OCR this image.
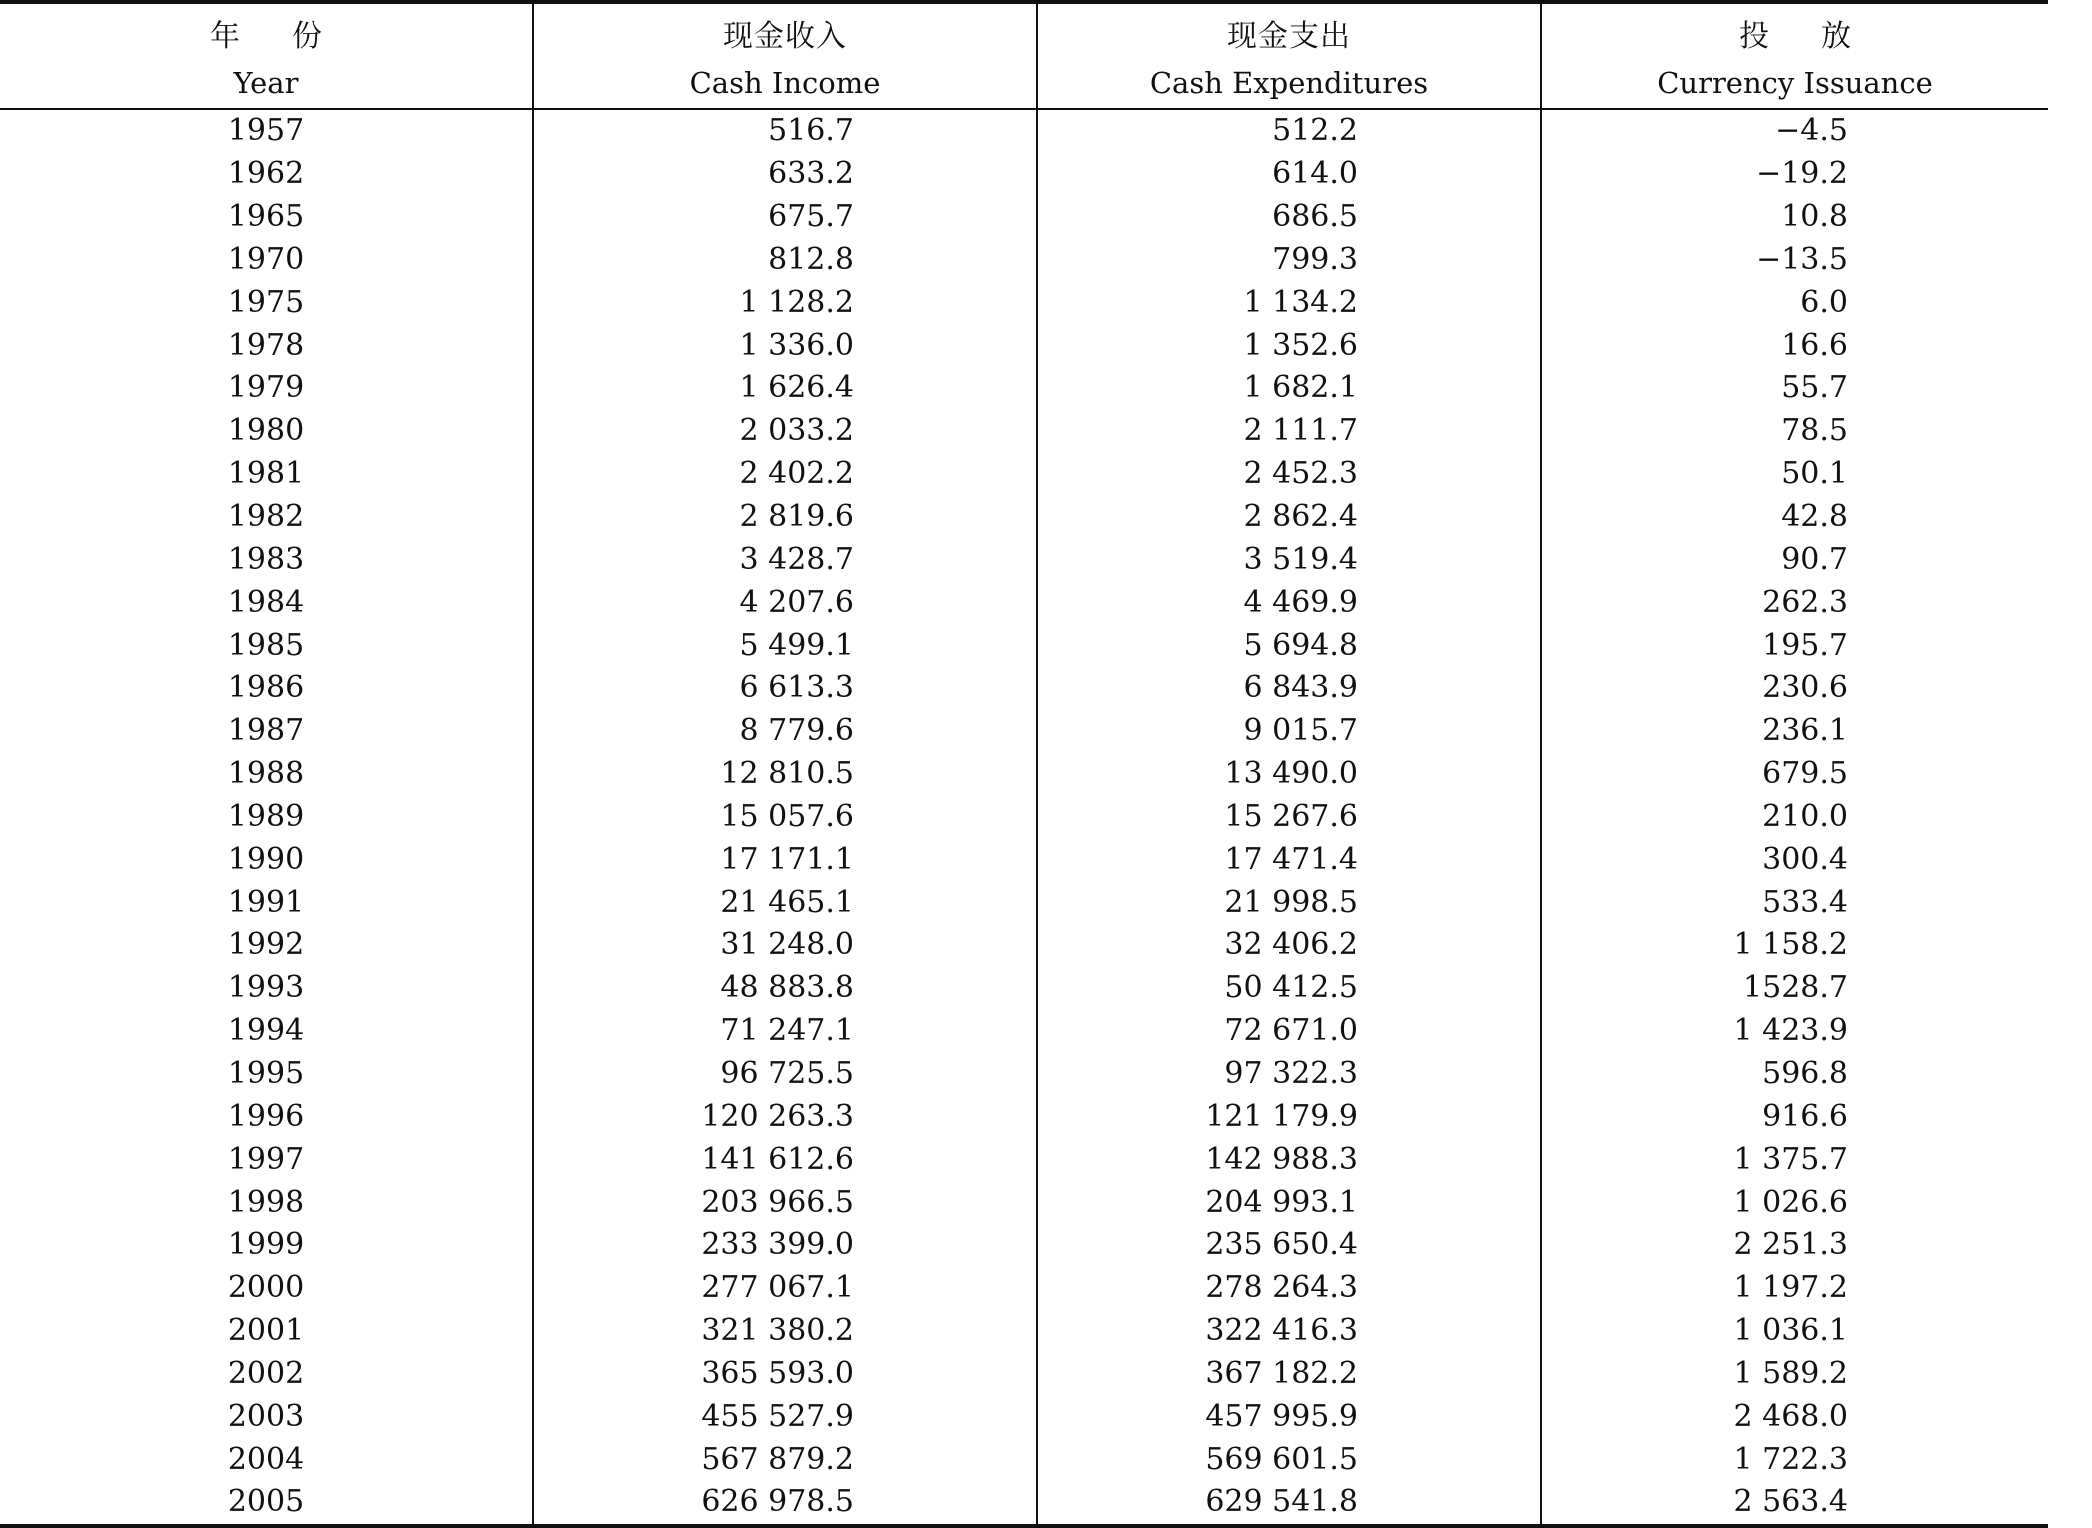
年份	现金收入	现金支出	投放
Year	Cash Income	Cash Expenditures	Currency Issuance
1957	516.7	512.2	−4.5
1962	633.2	614.0	−19.2
1965	675.7	686.5	10.8
1970	812.8	799.3	−13.5
1975	1 128.2	1 134.2	6.0
1978	1 336.0	1 352.6	16.6
1979	1 626.4	1 682.1	55.7
1980	2 033.2	2 111.7	78.5
1981	2 402.2	2 452.3	50.1
1982	2 819.6	2 862.4	42.8
1983	3 428.7	3 519.4	90.7
1984	4 207.6	4 469.9	262.3
1985	5 499.1	5 694.8	195.7
1986	6 613.3	6 843.9	230.6
1987	8 779.6	9 015.7	236.1
1988	12 810.5	13 490.0	679.5
1989	15 057.6	15 267.6	210.0
1990	17 171.1	17 471.4	300.4
1991	21 465.1	21 998.5	533.4
1992	31 248.0	32 406.2	1 158.2
1993	48 883.8	50 412.5	1528.7
1994	71 247.1	72 671.0	1 423.9
1995	96 725.5	97 322.3	596.8
1996	120 263.3	121 179.9	916.6
1997	141 612.6	142 988.3	1 375.7
1998	203 966.5	204 993.1	1 026.6
1999	233 399.0	235 650.4	2 251.3
2000	277 067.1	278 264.3	1 197.2
2001	321 380.2	322 416.3	1 036.1
2002	365 593.0	367 182.2	1 589.2
2003	455 527.9	457 995.9	2 468.0
2004	567 879.2	569 601.5	1 722.3
2005	626 978.5	629 541.8	2 563.4
